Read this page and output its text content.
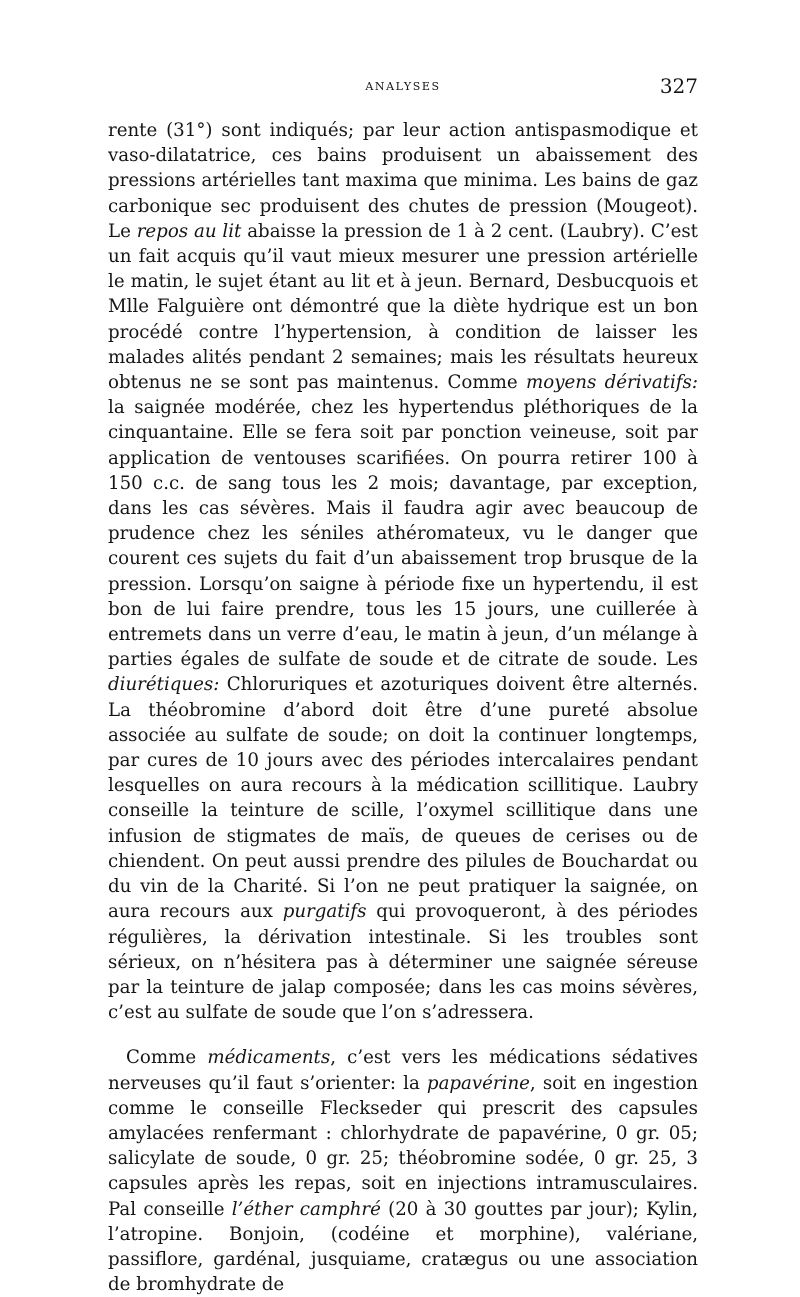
ANALYSES	327

rente (31°) sont indiqués; par leur action antispasmodique et vaso-dilatatrice, ces bains produisent un abaissement des pressions artérielles tant maxima que minima. Les bains de gaz carbonique sec produisent des chutes de pression (Mougeot). Le repos au lit abaisse la pression de 1 à 2 cent. (Laubry). C’est un fait acquis qu’il vaut mieux mesurer une pression artérielle le matin, le sujet étant au lit et à jeun. Bernard, Desbucquois et Mlle Falguière ont démontré que la diète hydrique est un bon procédé contre l’hypertension, à condition de laisser les malades alités pendant 2 semaines; mais les résultats heureux obtenus ne se sont pas maintenus. Comme moyens dérivatifs: la saignée modérée, chez les hypertendus pléthoriques de la cinquantaine. Elle se fera soit par ponction veineuse, soit par application de ventouses scarifiées. On pourra retirer 100 à 150 c.c. de sang tous les 2 mois; davantage, par exception, dans les cas sévères. Mais il faudra agir avec beaucoup de prudence chez les séniles athéromateux, vu le danger que courent ces sujets du fait d’un abaissement trop brusque de la pression. Lorsqu’on saigne à période fixe un hypertendu, il est bon de lui faire prendre, tous les 15 jours, une cuillerée à entremets dans un verre d’eau, le matin à jeun, d’un mélange à parties égales de sulfate de soude et de citrate de soude. Les diurétiques: Chloruriques et azoturiques doivent être alternés. La théobromine d’abord doit être d’une pureté absolue associée au sulfate de soude; on doit la continuer longtemps, par cures de 10 jours avec des périodes intercalaires pendant lesquelles on aura recours à la médication scillitique. Laubry conseille la teinture de scille, l’oxymel scillitique dans une infusion de stigmates de maïs, de queues de cerises ou de chiendent. On peut aussi prendre des pilules de Bouchardat ou du vin de la Charité. Si l’on ne peut pratiquer la saignée, on aura recours aux purgatifs qui provoqueront, à des périodes régulières, la dérivation intestinale. Si les troubles sont sérieux, on n’hésitera pas à déterminer une saignée séreuse par la teinture de jalap composée; dans les cas moins sévères, c’est au sulfate de soude que l’on s’adressera.

Comme médicaments, c’est vers les médications sédatives nerveuses qu’il faut s’orienter: la papavérine, soit en ingestion comme le conseille Fleckseder qui prescrit des capsules amylacées renfermant : chlorhydrate de papavérine, 0 gr. 05; salicylate de soude, 0 gr. 25; théobromine sodée, 0 gr. 25, 3 capsules après les repas, soit en injections intramusculaires. Pal conseille l’éther camphré (20 à 30 gouttes par jour); Kylin, l’atropine. Bonjoin, (codéine et morphine), valériane, passiflore, gardénal, jusquiame, cratægus ou une association de bromhydrate de
